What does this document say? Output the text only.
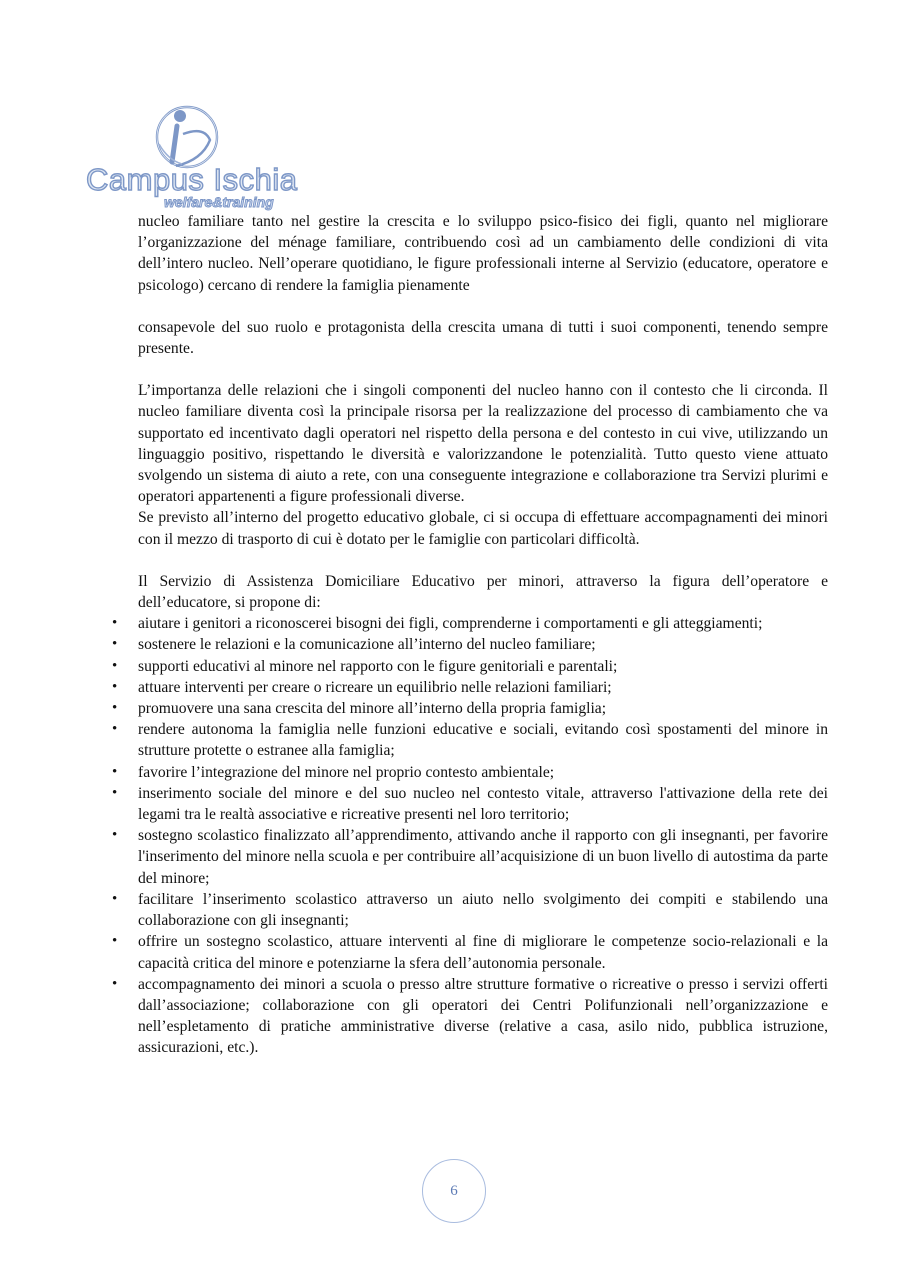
Campus Ischia
welfare&training

nucleo familiare tanto nel gestire la crescita e lo sviluppo psico-fisico dei figli, quanto nel migliorare l’organizzazione del ménage familiare, contribuendo così ad un cambiamento delle condizioni di vita dell’intero nucleo. Nell’operare quotidiano, le figure professionali interne al Servizio (educatore, operatore e psicologo) cercano di rendere la famiglia pienamente

consapevole del suo ruolo e protagonista della crescita umana di tutti i suoi componenti, tenendo sempre presente.

L’importanza delle relazioni che i singoli componenti del nucleo hanno con il contesto che li circonda. Il nucleo familiare diventa così la principale risorsa per la realizzazione del processo di cambiamento che va supportato ed incentivato dagli operatori nel rispetto della persona e del contesto in cui vive, utilizzando un linguaggio positivo, rispettando le diversità e valorizzandone le potenzialità. Tutto questo viene attuato svolgendo un sistema di aiuto a rete, con una conseguente integrazione e collaborazione tra Servizi plurimi e operatori appartenenti a figure professionali diverse.

Se previsto all’interno del progetto educativo globale, ci si occupa di effettuare accompagnamenti dei minori con il mezzo di trasporto di cui è dotato per le famiglie con particolari difficoltà.

Il Servizio di Assistenza Domiciliare Educativo per minori, attraverso la figura dell’operatore e dell’educatore, si propone di:

• aiutare i genitori a riconoscerei bisogni dei figli, comprenderne i comportamenti e gli atteggiamenti;
• sostenere le relazioni e la comunicazione all’interno del nucleo familiare;
• supporti educativi al minore nel rapporto con le figure genitoriali e parentali;
• attuare interventi per creare o ricreare un equilibrio nelle relazioni familiari;
• promuovere una sana crescita del minore all’interno della propria famiglia;
• rendere autonoma la famiglia nelle funzioni educative e sociali, evitando così spostamenti del minore in strutture protette o estranee alla famiglia;
• favorire l’integrazione del minore nel proprio contesto ambientale;
• inserimento sociale del minore e del suo nucleo nel contesto vitale, attraverso l'attivazione della rete dei legami tra le realtà associative e ricreative presenti nel loro territorio;
• sostegno scolastico finalizzato all’apprendimento, attivando anche il rapporto con gli insegnanti, per favorire l'inserimento del minore nella scuola e per contribuire all’acquisizione di un buon livello di autostima da parte del minore;
• facilitare l’inserimento scolastico attraverso un aiuto nello svolgimento dei compiti e stabilendo una collaborazione con gli insegnanti;
• offrire un sostegno scolastico, attuare interventi al fine di migliorare le competenze socio-relazionali e la capacità critica del minore e potenziarne la sfera dell’autonomia personale.
• accompagnamento dei minori a scuola o presso altre strutture formative o ricreative o presso i servizi offerti dall’associazione; collaborazione con gli operatori dei Centri Polifunzionali nell’organizzazione e nell’espletamento di pratiche amministrative diverse (relative a casa, asilo nido, pubblica istruzione, assicurazioni, etc.).
6
